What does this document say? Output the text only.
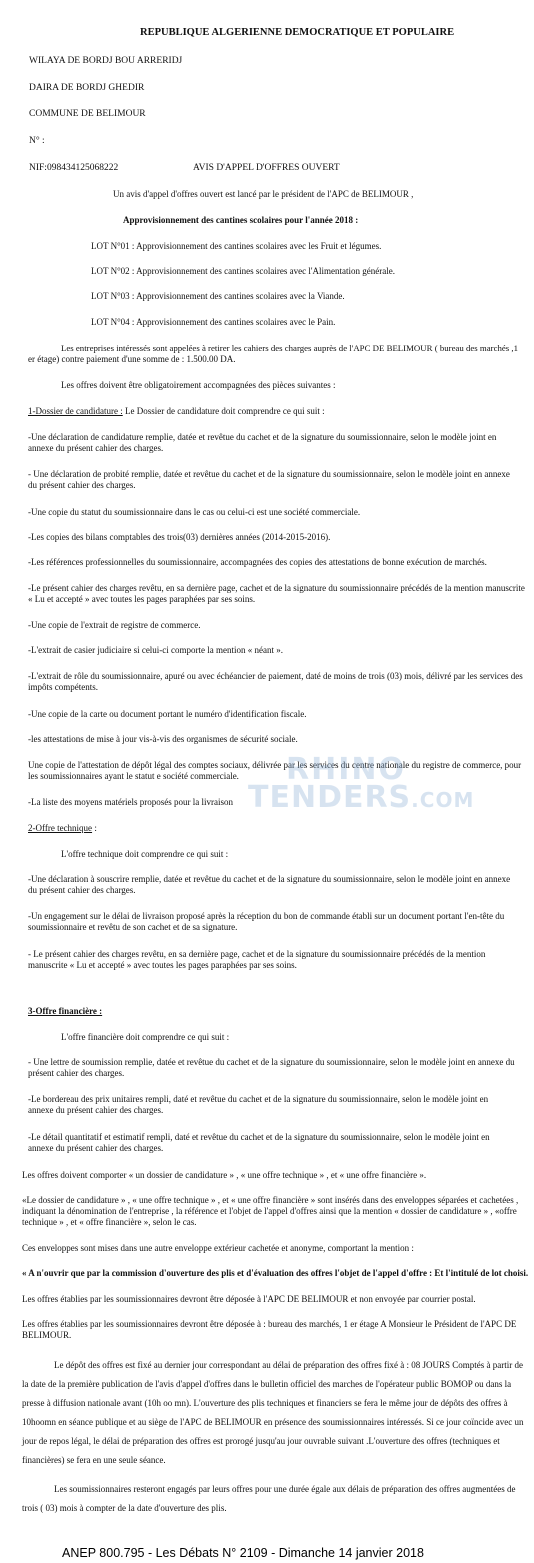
REPUBLIQUE ALGERIENNE DEMOCRATIQUE ET POPULAIRE
WILAYA DE BORDJ BOU ARRERIDJ
DAIRA DE BORDJ GHEDIR
COMMUNE DE BELIMOUR
N° :
NIF:098434125068222	AVIS D'APPEL D'OFFRES OUVERT
Un avis d'appel d'offres ouvert est lancé par le président de l'APC de BELIMOUR ,
Approvisionnement des cantines scolaires pour l'année 2018 :
LOT N°01 : Approvisionnement des cantines scolaires avec les Fruit et légumes.
LOT N°02 : Approvisionnement des cantines scolaires avec l'Alimentation générale.
LOT N°03 : Approvisionnement des cantines scolaires avec la Viande.
LOT N°04 : Approvisionnement des cantines scolaires avec le Pain.
Les entreprises intéressés sont appelées à retirer les cahiers des charges auprès de l'APC DE BELIMOUR ( bureau des marchés ,1
er étage) contre paiement d'une somme de : 1.500.00 DA.
Les offres doivent être obligatoirement accompagnées des pièces suivantes :
1-Dossier de candidature : Le Dossier de candidature doit comprendre ce qui suit :
-Une déclaration de candidature remplie, datée et revêtue du cachet et de la signature du soumissionnaire, selon le modèle joint en
annexe du présent cahier des charges.
- Une déclaration de probité remplie, datée et revêtue du cachet et de la signature du soumissionnaire, selon le modèle joint en annexe
du présent cahier des charges.
-Une copie du statut du soumissionnaire dans le cas ou celui-ci est une société commerciale.
-Les copies des bilans comptables des trois(03) dernières années (2014-2015-2016).
-Les références professionnelles du soumissionnaire, accompagnées des copies des attestations de bonne exécution de marchés.
-Le présent cahier des charges revêtu, en sa dernière page, cachet et de la signature du soumissionnaire précédés de la mention manuscrite
« Lu et accepté » avec toutes les pages paraphées par ses soins.
-Une copie de l'extrait de registre de commerce.
-L'extrait de casier judiciaire si celui-ci comporte la mention « néant ».
-L'extrait de rôle du soumissionnaire, apuré ou avec échéancier de paiement, daté de moins de trois (03) mois, délivré par les services des
impôts compétents.
-Une copie de la carte ou document portant le numéro d'identification fiscale.
-les attestations de mise à jour vis-à-vis des organismes de sécurité sociale.
Une copie de l'attestation de dépôt légal des comptes sociaux, délivrée par les services du centre nationale du registre de commerce, pour
les soumissionnaires ayant le statut e société commerciale.
-La liste des moyens matériels proposés pour la livraison
RHINO
TENDERS.COM
2-Offre technique :
L'offre technique doit comprendre ce qui suit :
-Une déclaration à souscrire remplie, datée et revêtue du cachet et de la signature du soumissionnaire, selon le modèle joint en annexe
du présent cahier des charges.
-Un engagement sur le délai de livraison proposé après la réception du bon de commande établi sur un document portant l'en-tête du
soumissionnaire et revêtu de son cachet et de sa signature.
- Le présent cahier des charges revêtu, en sa dernière page, cachet et de la signature du soumissionnaire précédés de la mention
manuscrite « Lu et accepté » avec toutes les pages paraphées par ses soins.
3-Offre financière :
L'offre financière doit comprendre ce qui suit :
- Une lettre de soumission remplie, datée et revêtue du cachet et de la signature du soumissionnaire, selon le modèle joint en annexe du
présent cahier des charges.
-Le bordereau des prix unitaires rempli, daté et revêtue du cachet et de la signature du soumissionnaire, selon le modèle joint en
annexe du présent cahier des charges.
-Le détail quantitatif et estimatif rempli, daté et revêtue du cachet et de la signature du soumissionnaire, selon le modèle joint en
annexe du présent cahier des charges.
Les offres doivent comporter « un dossier de candidature » , « une offre technique » , et « une offre financière ».
«Le dossier de candidature » , « une offre technique » , et « une offre financière » sont insérés dans des enveloppes séparées et cachetées ,
indiquant la dénomination de l'entreprise , la référence et l'objet de l'appel d'offres ainsi que la mention « dossier de candidature » , «offre
technique » , et « offre financière », selon le cas.
Ces enveloppes sont mises dans une autre enveloppe extérieur cachetée et anonyme, comportant la mention :
« A n'ouvrir que par la commission d'ouverture des plis et d'évaluation des offres l'objet de l'appel d'offre : Et l'intitulé de lot choisi.
Les offres établies par les soumissionnaires devront être déposée à l'APC DE BELIMOUR et non envoyée par courrier postal.
Les offres établies par les soumissionnaires devront être déposée à : bureau des marchés, 1 er étage A Monsieur le Président de l'APC DE
BELIMOUR.
Le dépôt des offres est fixé au dernier jour correspondant au délai de préparation des offres fixé à : 08 JOURS Comptés à partir de
la date de la première publication de l'avis d'appel d'offres dans le bulletin officiel des marches de l'opérateur public BOMOP ou dans la
presse à diffusion nationale avant (10h oo mn). L'ouverture des plis techniques et financiers se fera le même jour de dépôts des offres à
10hoomn en séance publique et au siège de l'APC de BELIMOUR en présence des soumissionnaires intéressés. Si ce jour coïncide avec un
jour de repos légal, le délai de préparation des offres est prorogé jusqu'au jour ouvrable suivant .L'ouverture des offres (techniques et
financières) se fera en une seule séance.
Les soumissionnaires resteront engagés par leurs offres pour une durée égale aux délais de préparation des offres augmentées de
trois ( 03) mois à compter de la date d'ouverture des plis.
ANEP 800.795 - Les Débats N° 2109 - Dimanche 14 janvier 2018
